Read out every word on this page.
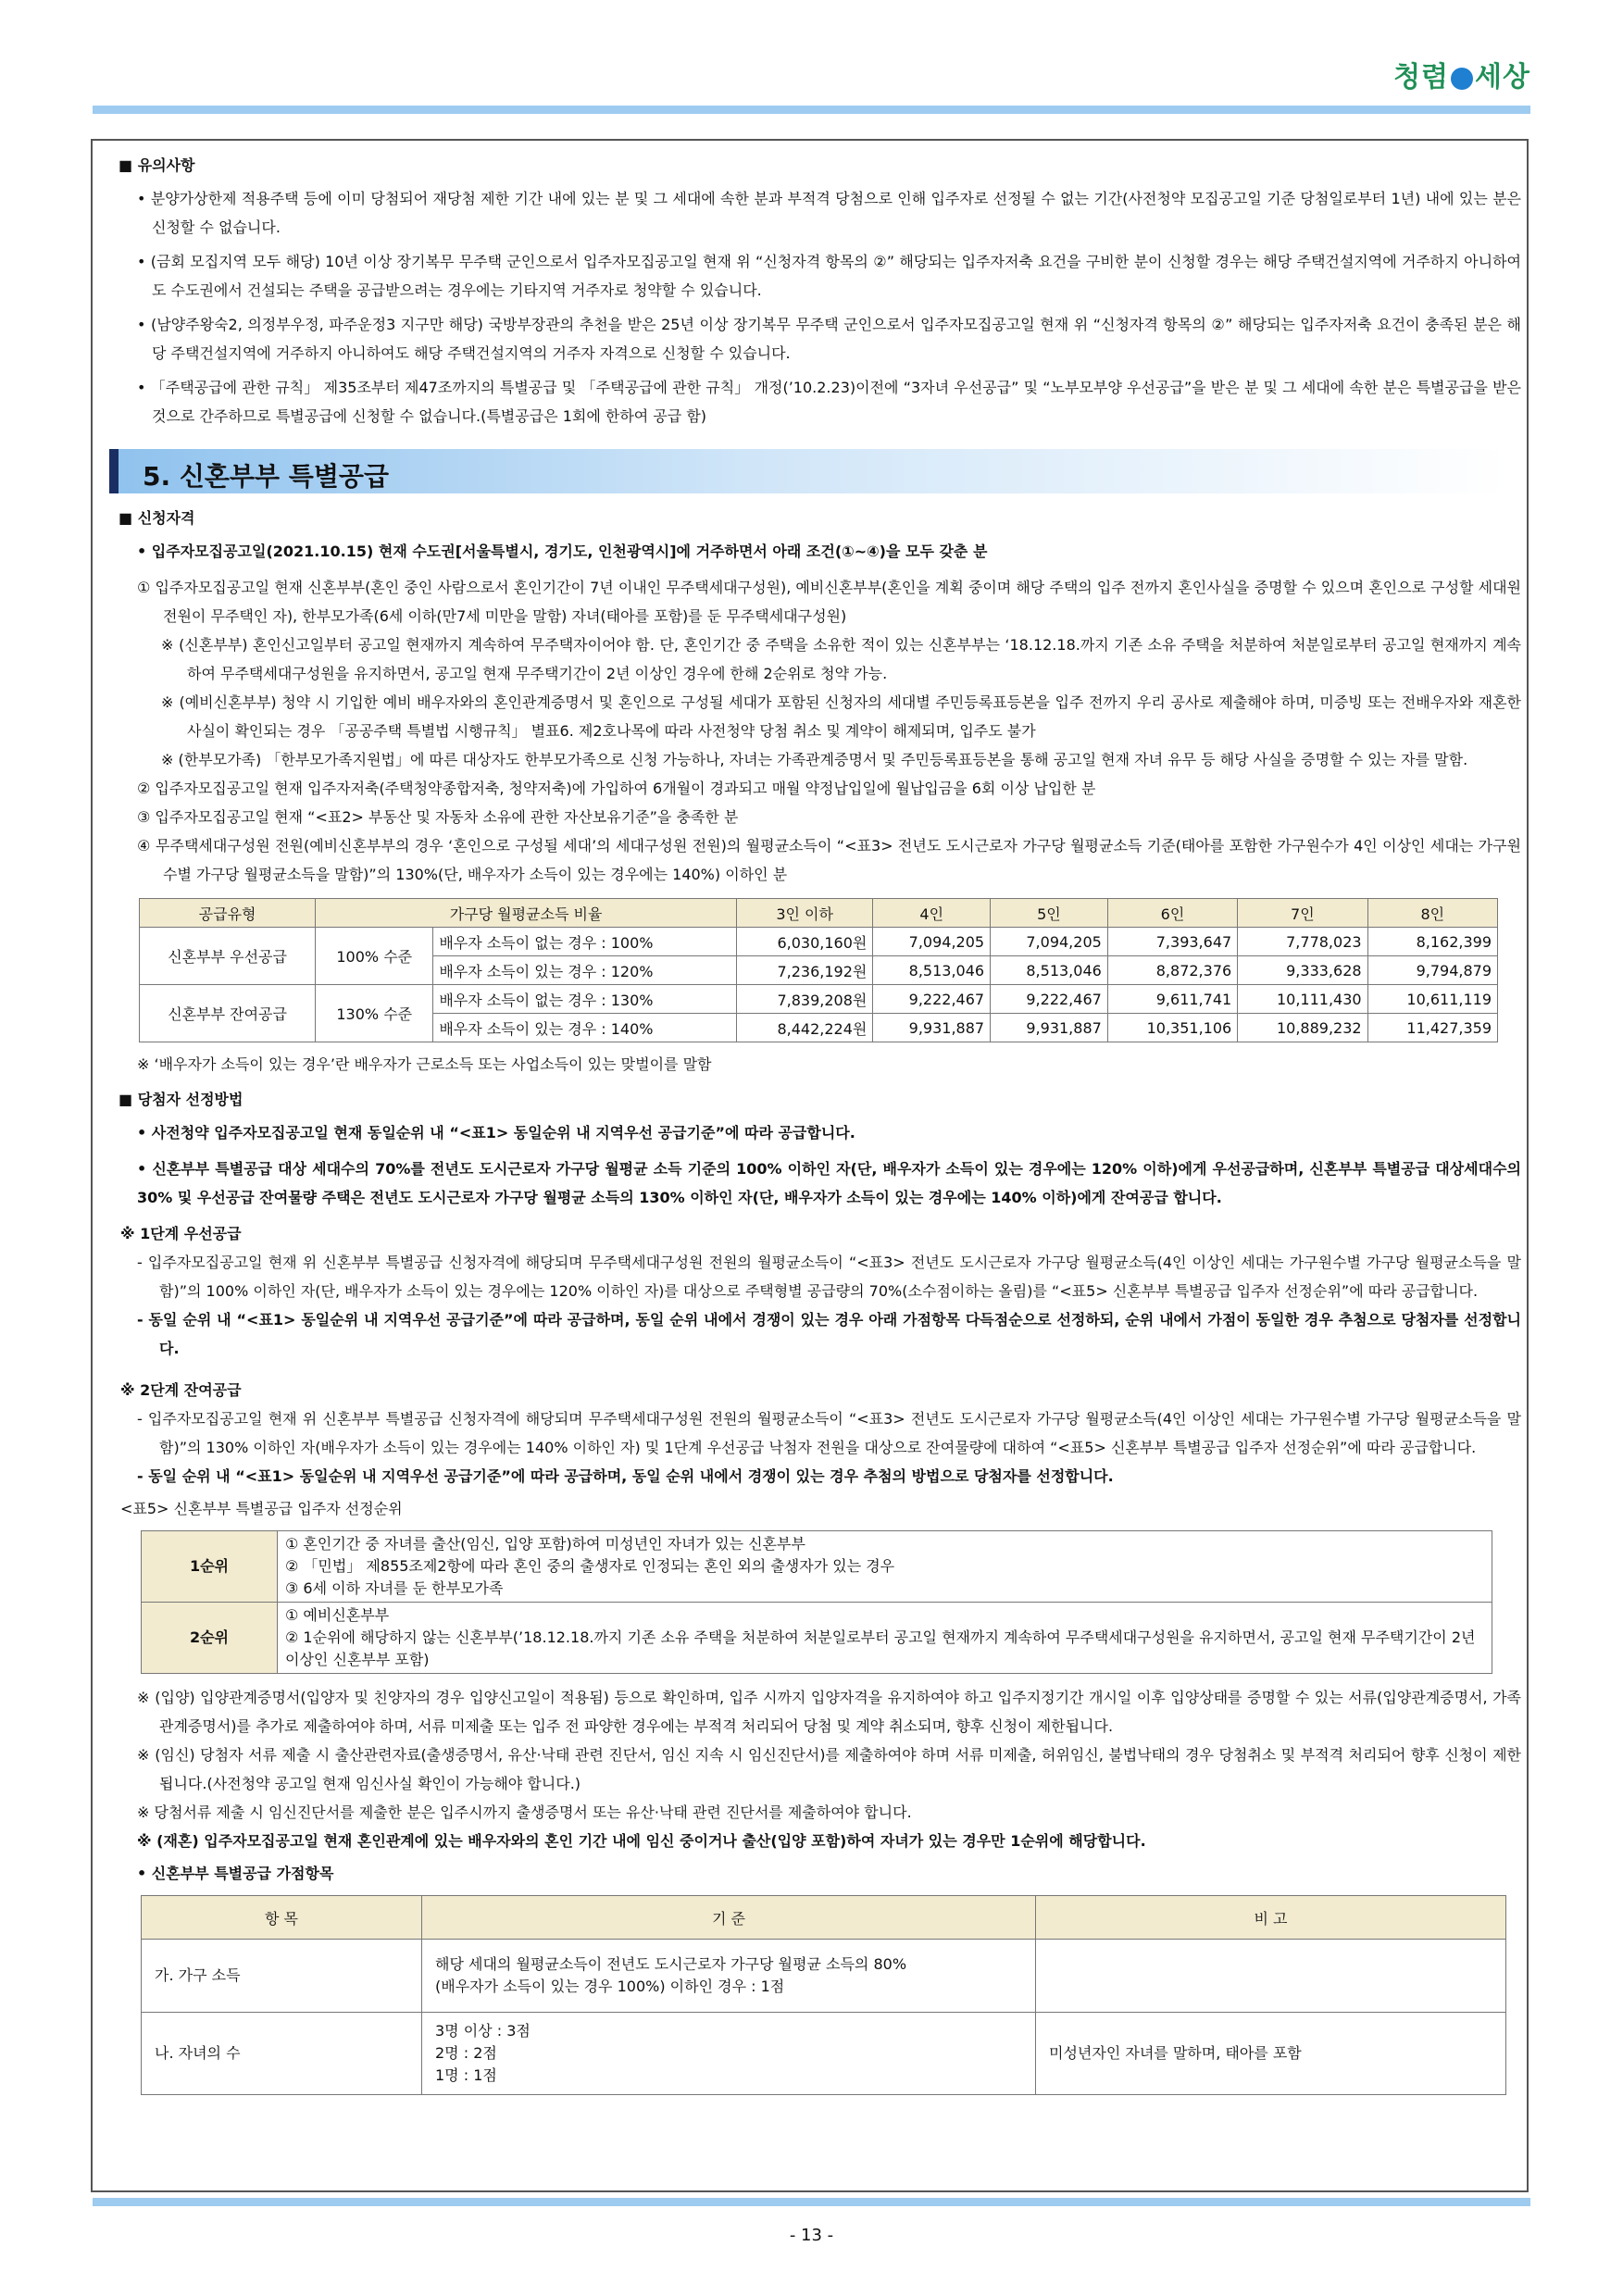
청렴 세상
■ 유의사항

• 분양가상한제 적용주택 등에 이미 당첨되어 재당첨 제한 기간 내에 있는 분 및 그 세대에 속한 분과 부적격 당첨으로 인해 입주자로 선정될 수 없는 기간(사전청약 모집공고일 기준 당첨일로부터 1년) 내에 있는 분은 신청할 수 없습니다.

• (금회 모집지역 모두 해당) 10년 이상 장기복무 무주택 군인으로서 입주자모집공고일 현재 위 “신청자격 항목의 ②” 해당되는 입주자저축 요건을 구비한 분이 신청할 경우는 해당 주택건설지역에 거주하지 아니하여도 수도권에서 건설되는 주택을 공급받으려는 경우에는 기타지역 거주자로 청약할 수 있습니다.

• (남양주왕숙2, 의정부우정, 파주운정3 지구만 해당) 국방부장관의 추천을 받은 25년 이상 장기복무 무주택 군인으로서 입주자모집공고일 현재 위 “신청자격 항목의 ②” 해당되는 입주자저축 요건이 충족된 분은 해당 주택건설지역에 거주하지 아니하여도 해당 주택건설지역의 거주자 자격으로 신청할 수 있습니다.

• 「주택공급에 관한 규칙」 제35조부터 제47조까지의 특별공급 및 「주택공급에 관한 규칙」 개정(’10.2.23)이전에 “3자녀 우선공급” 및 “노부모부양 우선공급”을 받은 분 및 그 세대에 속한 분은 특별공급을 받은 것으로 간주하므로 특별공급에 신청할 수 없습니다.(특별공급은 1회에 한하여 공급 함)

5. 신혼부부 특별공급
■ 신청자격

• 입주자모집공고일(2021.10.15) 현재 수도권[서울특별시, 경기도, 인천광역시]에 거주하면서 아래 조건(①~④)을 모두 갖춘 분

① 입주자모집공고일 현재 신혼부부(혼인 중인 사람으로서 혼인기간이 7년 이내인 무주택세대구성원), 예비신혼부부(혼인을 계획 중이며 해당 주택의 입주 전까지 혼인사실을 증명할 수 있으며 혼인으로 구성할 세대원 전원이 무주택인 자), 한부모가족(6세 이하(만7세 미만을 말함) 자녀(태아를 포함)를 둔 무주택세대구성원)

※ (신혼부부) 혼인신고일부터 공고일 현재까지 계속하여 무주택자이어야 함. 단, 혼인기간 중 주택을 소유한 적이 있는 신혼부부는 ‘18.12.18.까지 기존 소유 주택을 처분하여 처분일로부터 공고일 현재까지 계속하여 무주택세대구성원을 유지하면서, 공고일 현재 무주택기간이 2년 이상인 경우에 한해 2순위로 청약 가능.

※ (예비신혼부부) 청약 시 기입한 예비 배우자와의 혼인관계증명서 및 혼인으로 구성될 세대가 포함된 신청자의 세대별 주민등록표등본을 입주 전까지 우리 공사로 제출해야 하며, 미증빙 또는 전배우자와 재혼한 사실이 확인되는 경우 「공공주택 특별법 시행규칙」 별표6. 제2호나목에 따라 사전청약 당첨 취소 및 계약이 해제되며, 입주도 불가

※ (한부모가족) 「한부모가족지원법」에 따른 대상자도 한부모가족으로 신청 가능하나, 자녀는 가족관계증명서 및 주민등록표등본을 통해 공고일 현재 자녀 유무 등 해당 사실을 증명할 수 있는 자를 말함.

② 입주자모집공고일 현재 입주자저축(주택청약종합저축, 청약저축)에 가입하여 6개월이 경과되고 매월 약정납입일에 월납입금을 6회 이상 납입한 분

③ 입주자모집공고일 현재 “<표2> 부동산 및 자동차 소유에 관한 자산보유기준”을 충족한 분

④ 무주택세대구성원 전원(예비신혼부부의 경우 ‘혼인으로 구성될 세대’의 세대구성원 전원)의 월평균소득이 “<표3> 전년도 도시근로자 가구당 월평균소득 기준(태아를 포함한 가구원수가 4인 이상인 세대는 가구원수별 가구당 월평균소득을 말함)”의 130%(단, 배우자가 소득이 있는 경우에는 140%) 이하인 분

공급유형	가구당 월평균소득 비율		3인 이하	4인	5인	6인	7인	8인
신혼부부 우선공급	100% 수준	배우자 소득이 없는 경우 : 100%	6,030,160원	7,094,205	7,094,205	7,393,647	7,778,023	8,162,399
		배우자 소득이 있는 경우 : 120%	7,236,192원	8,513,046	8,513,046	8,872,376	9,333,628	9,794,879
신혼부부 잔여공급	130% 수준	배우자 소득이 없는 경우 : 130%	7,839,208원	9,222,467	9,222,467	9,611,741	10,111,430	10,611,119
		배우자 소득이 있는 경우 : 140%	8,442,224원	9,931,887	9,931,887	10,351,106	10,889,232	11,427,359

※ ‘배우자가 소득이 있는 경우’란 배우자가 근로소득 또는 사업소득이 있는 맞벌이를 말함

■ 당첨자 선정방법

• 사전청약 입주자모집공고일 현재 동일순위 내 “<표1> 동일순위 내 지역우선 공급기준”에 따라 공급합니다.

• 신혼부부 특별공급 대상 세대수의 70%를 전년도 도시근로자 가구당 월평균 소득 기준의 100% 이하인 자(단, 배우자가 소득이 있는 경우에는 120% 이하)에게 우선공급하며, 신혼부부 특별공급 대상세대수의 30% 및 우선공급 잔여물량 주택은 전년도 도시근로자 가구당 월평균 소득의 130% 이하인 자(단, 배우자가 소득이 있는 경우에는 140% 이하)에게 잔여공급 합니다.

※ 1단계 우선공급

- 입주자모집공고일 현재 위 신혼부부 특별공급 신청자격에 해당되며 무주택세대구성원 전원의 월평균소득이 “<표3> 전년도 도시근로자 가구당 월평균소득(4인 이상인 세대는 가구원수별 가구당 월평균소득을 말함)”의 100% 이하인 자(단, 배우자가 소득이 있는 경우에는 120% 이하인 자)를 대상으로 주택형별 공급량의 70%(소수점이하는 올림)를 “<표5> 신혼부부 특별공급 입주자 선정순위”에 따라 공급합니다.

- 동일 순위 내 “<표1> 동일순위 내 지역우선 공급기준”에 따라 공급하며, 동일 순위 내에서 경쟁이 있는 경우 아래 가점항목 다득점순으로 선정하되, 순위 내에서 가점이 동일한 경우 추첨으로 당첨자를 선정합니다.

※ 2단계 잔여공급

- 입주자모집공고일 현재 위 신혼부부 특별공급 신청자격에 해당되며 무주택세대구성원 전원의 월평균소득이 “<표3> 전년도 도시근로자 가구당 월평균소득(4인 이상인 세대는 가구원수별 가구당 월평균소득을 말함)”의 130% 이하인 자(배우자가 소득이 있는 경우에는 140% 이하인 자) 및 1단계 우선공급 낙첨자 전원을 대상으로 잔여물량에 대하여 “<표5> 신혼부부 특별공급 입주자 선정순위”에 따라 공급합니다.

- 동일 순위 내 “<표1> 동일순위 내 지역우선 공급기준”에 따라 공급하며, 동일 순위 내에서 경쟁이 있는 경우 추첨의 방법으로 당첨자를 선정합니다.

<표5> 신혼부부 특별공급 입주자 선정순위

1순위	① 혼인기간 중 자녀를 출산(임신, 입양 포함)하여 미성년인 자녀가 있는 신혼부부
② 「민법」 제855조제2항에 따라 혼인 중의 출생자로 인정되는 혼인 외의 출생자가 있는 경우
③ 6세 이하 자녀를 둔 한부모가족

2순위	① 예비신혼부부
② 1순위에 해당하지 않는 신혼부부(’18.12.18.까지 기존 소유 주택을 처분하여 처분일로부터 공고일 현재까지 계속하여 무주택세대구성원을 유지하면서, 공고일 현재 무주택기간이 2년 이상인 신혼부부 포함)

※ (입양) 입양관계증명서(입양자 및 친양자의 경우 입양신고일이 적용됨) 등으로 확인하며, 입주 시까지 입양자격을 유지하여야 하고 입주지정기간 개시일 이후 입양상태를 증명할 수 있는 서류(입양관계증명서, 가족관계증명서)를 추가로 제출하여야 하며, 서류 미제출 또는 입주 전 파양한 경우에는 부적격 처리되어 당첨 및 계약 취소되며, 향후 신청이 제한됩니다.

※ (임신) 당첨자 서류 제출 시 출산관련자료(출생증명서, 유산·낙태 관련 진단서, 임신 지속 시 임신진단서)를 제출하여야 하며 서류 미제출, 허위임신, 불법낙태의 경우 당첨취소 및 부적격 처리되어 향후 신청이 제한됩니다.(사전청약 공고일 현재 임신사실 확인이 가능해야 합니다.)

※ 당첨서류 제출 시 임신진단서를 제출한 분은 입주시까지 출생증명서 또는 유산·낙태 관련 진단서를 제출하여야 합니다.

※ (재혼) 입주자모집공고일 현재 혼인관계에 있는 배우자와의 혼인 기간 내에 임신 중이거나 출산(입양 포함)하여 자녀가 있는 경우만 1순위에 해당합니다.

• 신혼부부 특별공급 가점항목

항 목	기 준	비 고
가. 가구 소득	해당 세대의 월평균소득이 전년도 도시근로자 가구당 월평균 소득의 80%
(배우자가 소득이 있는 경우 100%) 이하인 경우 : 1점	

나. 자녀의 수	3명 이상 : 3점
2명 : 2점
1명 : 1점	미성년자인 자녀를 말하며, 태아를 포함
- 13 -
